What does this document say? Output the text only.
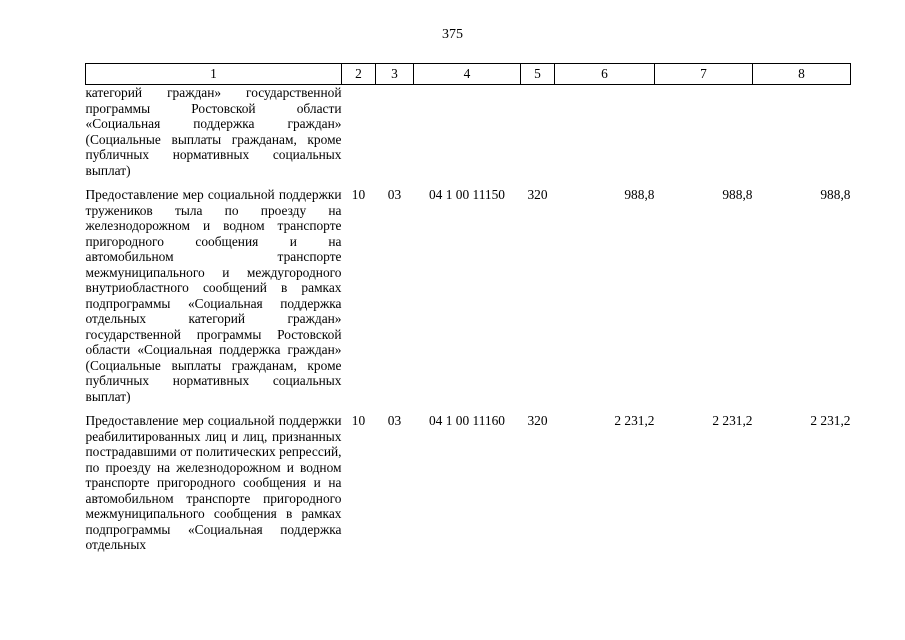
375
1	2	3	4	5	6	7	8
категорий граждан» государственной программы Ростовской области «Социальная поддержка граждан» (Социальные выплаты гражданам, кроме публичных нормативных социальных выплат)							
Предоставление мер социальной поддержки тружеников тыла по проезду на железнодорожном и водном транспорте пригородного сообщения и на автомобильном транспорте межмуниципального и междугородного внутриобластного сообщений в рамках подпрограммы «Социальная поддержка отдельных категорий граждан» государственной программы Ростовской области «Социальная поддержка граждан» (Социальные выплаты гражданам, кроме публичных нормативных социальных выплат)	10	03	04 1 00 11150	320	988,8	988,8	988,8
Предоставление мер социальной поддержки реабилитированных лиц и лиц, признанных пострадавшими от политических репрессий, по проезду на железнодорожном и водном транспорте пригородного сообщения и на автомобильном транспорте пригородного межмуниципального сообщения в рамках подпрограммы «Социальная поддержка отдельных	10	03	04 1 00 11160	320	2 231,2	2 231,2	2 231,2
